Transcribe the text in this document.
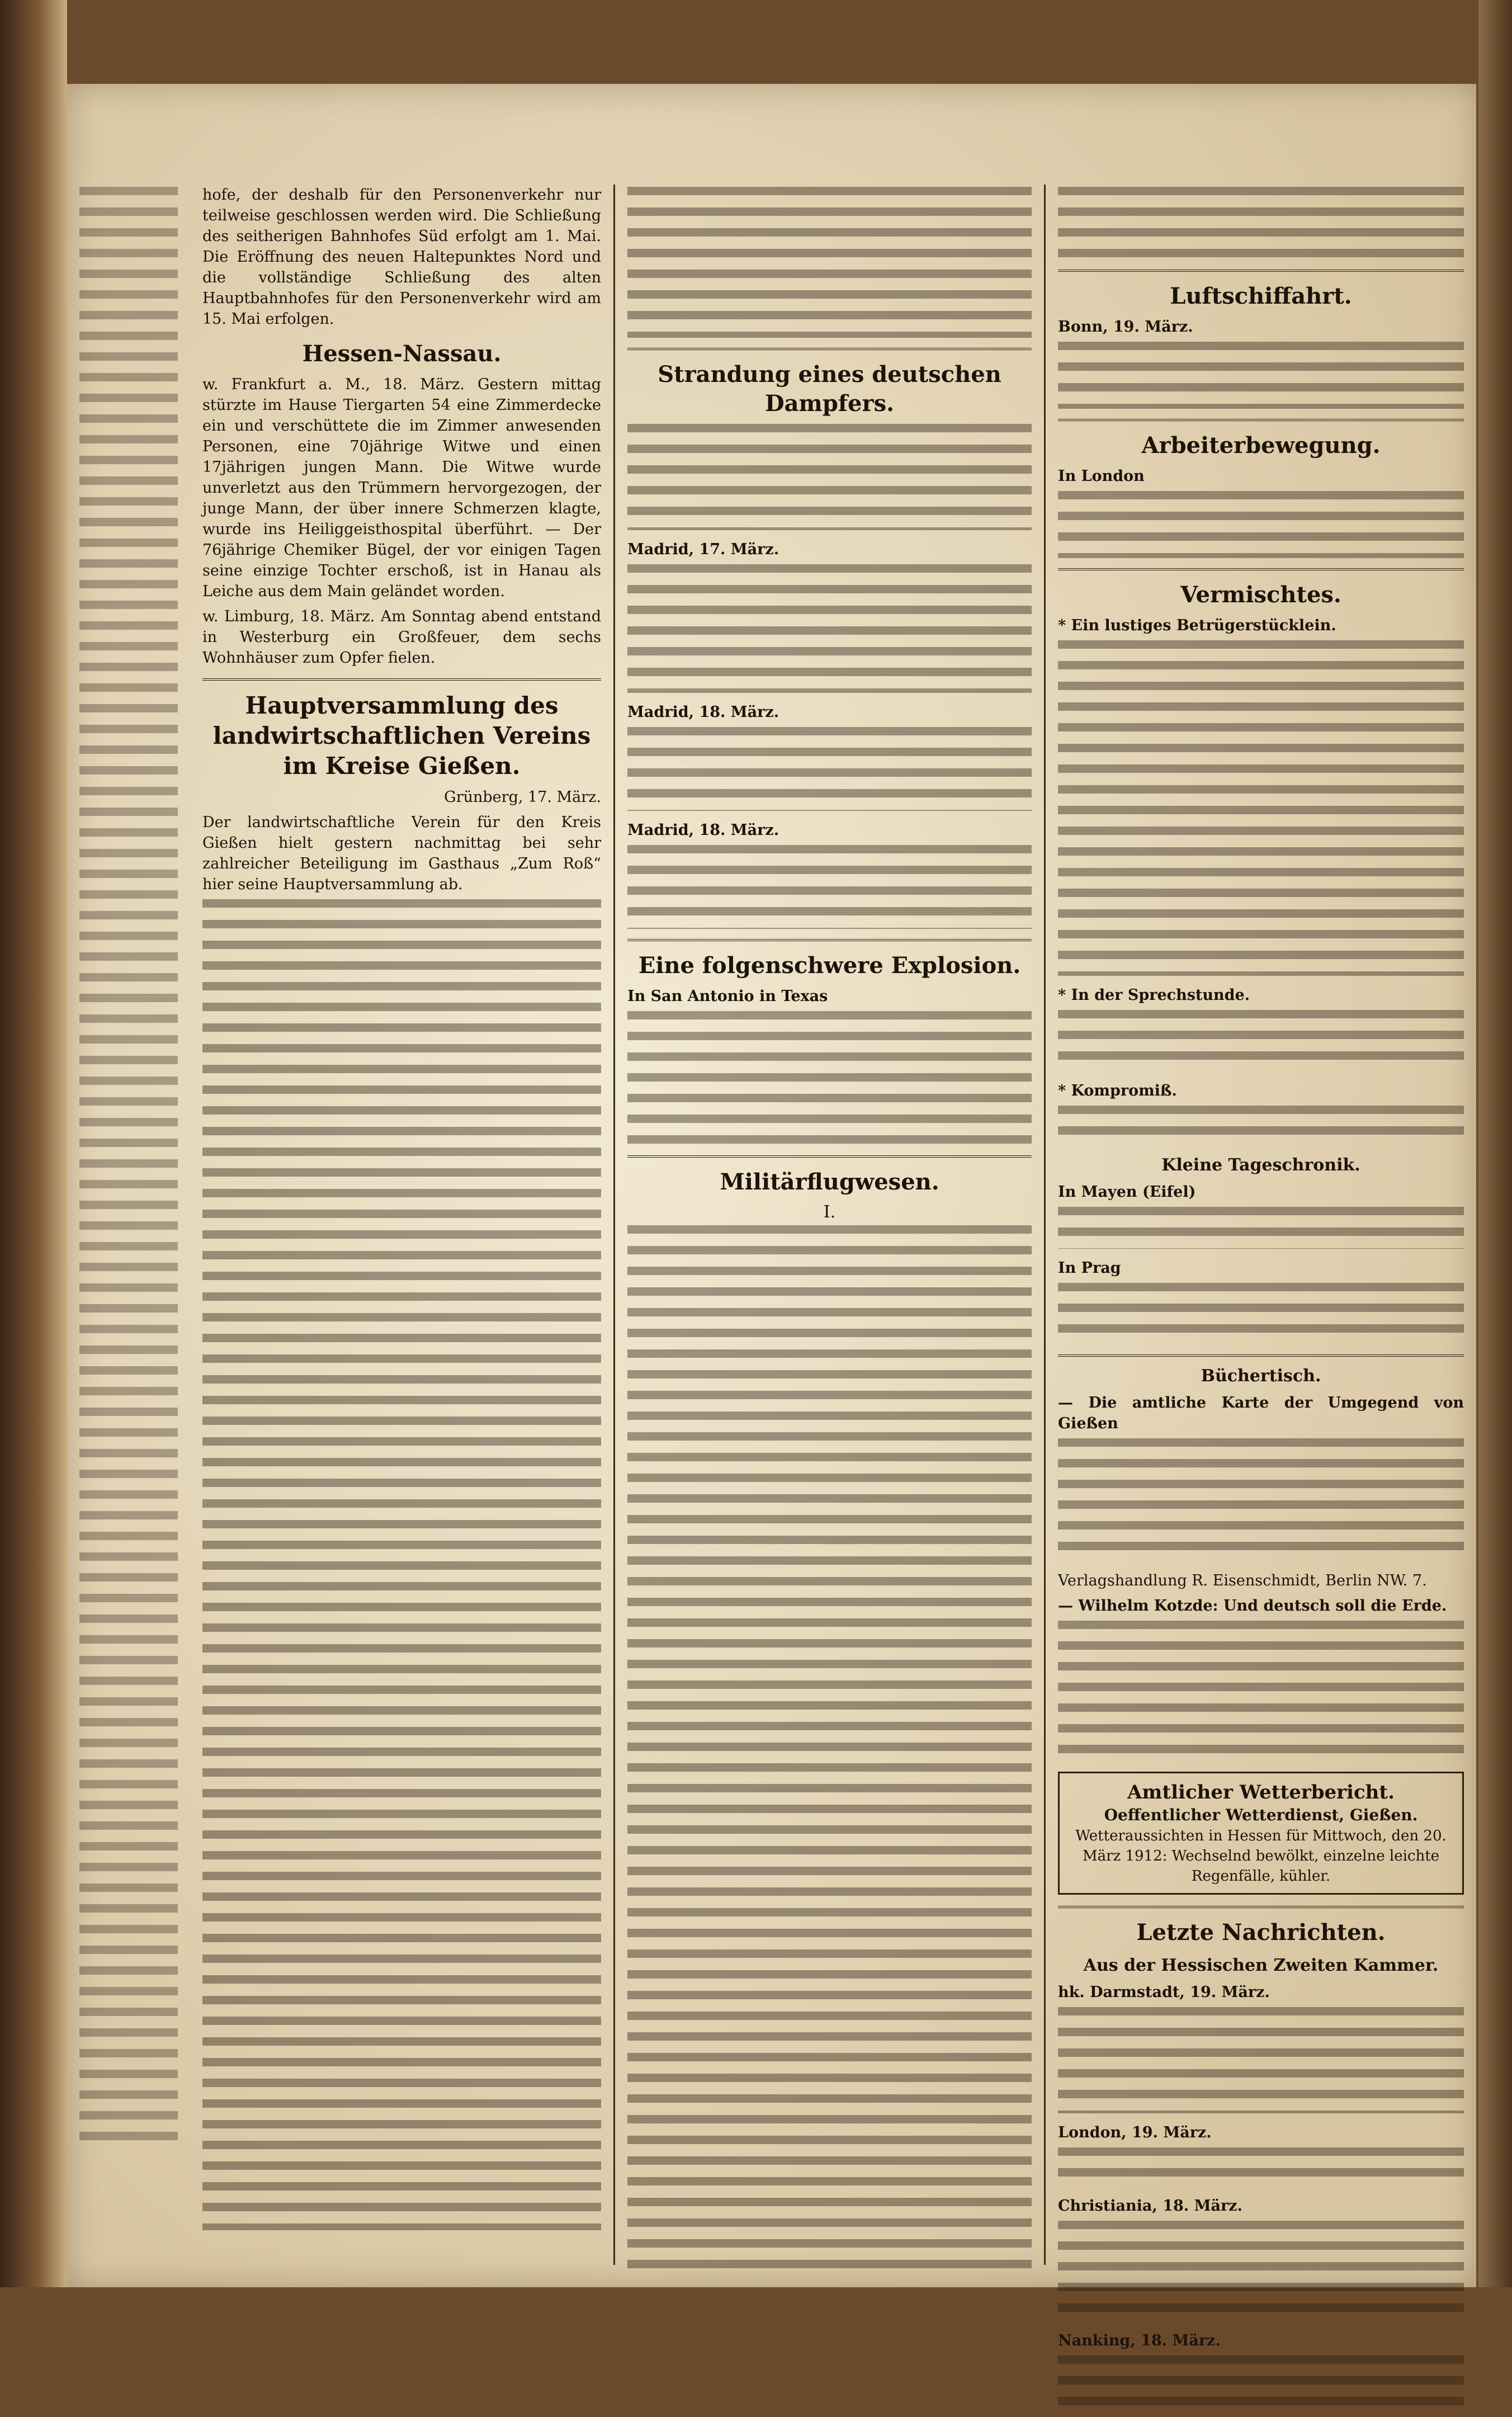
hofe, der deshalb für den Personenverkehr nur teilweise geschlossen werden wird. Die Schließung des seitherigen Bahnhofes Süd erfolgt am 1. Mai. Die Eröffnung des neuen Haltepunktes Nord und die vollständige Schließung des alten Hauptbahnhofes für den Personenverkehr wird am 15. Mai erfolgen.

Hessen-Nassau.

w. Frankfurt a. M., 18. März. Gestern mittag stürzte im Hause Tiergarten 54 eine Zimmerdecke ein und verschüttete die im Zimmer anwesenden Personen, eine 70jährige Witwe und einen 17jährigen jungen Mann. Die Witwe wurde unverletzt aus den Trümmern hervorgezogen, der junge Mann, der über innere Schmerzen klagte, wurde ins Heiliggeisthospital überführt. — Der 76jährige Chemiker Bügel, der vor einigen Tagen seine einzige Tochter erschoß, ist in Hanau als Leiche aus dem Main geländet worden.

w. Limburg, 18. März. Am Sonntag abend entstand in Westerburg ein Großfeuer, dem sechs Wohnhäuser zum Opfer fielen.

Hauptversammlung des landwirtschaftlichen Vereins im Kreise Gießen.

Grünberg, 17. März.

Der landwirtschaftliche Verein für den Kreis Gießen hielt gestern nachmittag bei sehr zahlreicher Beteiligung im Gasthaus „Zum Roß“ hier seine Hauptversammlung ab.

Strandung eines deutschen Dampfers.

Madrid, 17. März.

Madrid, 18. März.

Madrid, 18. März.

Eine folgenschwere Explosion.

In San Antonio in Texas

Militärflugwesen.
I.
Luftschiffahrt.

Bonn, 19. März.

Arbeiterbewegung.

In London

Vermischtes.

* Ein lustiges Betrügerstücklein.

* In der Sprechstunde.

* Kompromiß.

Kleine Tageschronik.

In Mayen (Eifel)

In Prag

Büchertisch.

— Die amtliche Karte der Umgegend von Gießen

Verlagshandlung R. Eisenschmidt, Berlin NW. 7.

— Wilhelm Kotzde: Und deutsch soll die Erde.

Amtlicher Wetterbericht.
Oeffentlicher Wetterdienst, Gießen.
Wetteraussichten in Hessen für Mittwoch, den 20. März 1912: Wechselnd bewölkt, einzelne leichte Regenfälle, kühler.
Letzte Nachrichten.
Aus der Hessischen Zweiten Kammer.

hk. Darmstadt, 19. März.

London, 19. März.

Christiania, 18. März.

Nanking, 18. März.
